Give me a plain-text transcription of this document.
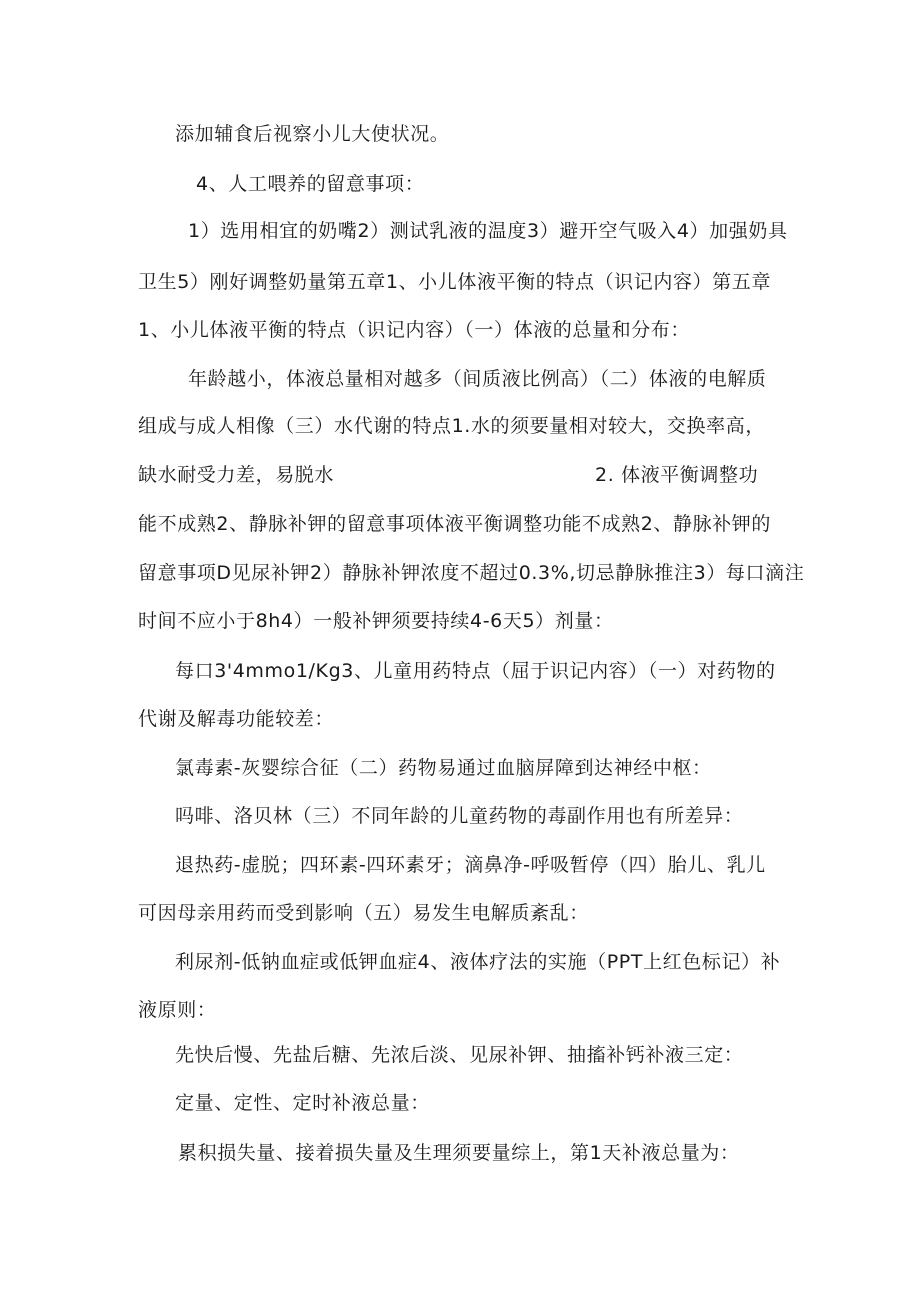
添加辅食后视察小儿大使状况。
4、人工喂养的留意事项：
1）选用相宜的奶嘴2）测试乳液的温度3）避开空气吸入4）加强奶具
卫生5）刚好调整奶量第五章1、小儿体液平衡的特点（识记内容）第五章
1、小儿体液平衡的特点（识记内容）（一）体液的总量和分布：
年龄越小，体液总量相对越多（间质液比例高）（二）体液的电解质
组成与成人相像（三）水代谢的特点1.水的须要量相对较大，交换率高，
缺水耐受力差，易脱水	2. 体液平衡调整功
能不成熟2、静脉补钾的留意事项体液平衡调整功能不成熟2、静脉补钾的
留意事项D见尿补钾2）静脉补钾浓度不超过0.3%,切忌静脉推注3）每口滴注
时间不应小于8h4）一般补钾须要持续4-6天5）剂量：
每口3'4mmo1∕Kg3、儿童用药特点（屈于识记内容）（一）对药物的
代谢及解毒功能较差：
氯毒素-灰婴综合征（二）药物易通过血脑屏障到达神经中枢：
吗啡、洛贝林（三）不同年龄的儿童药物的毒副作用也有所差异：
退热药-虚脱；四环素-四环素牙；滴鼻净-呼吸暂停（四）胎儿、乳儿
可因母亲用药而受到影响（五）易发生电解质紊乱：
利尿剂-低钠血症或低钾血症4、液体疗法的实施（PPT上红色标记）补
液原则：
先快后慢、先盐后糖、先浓后淡、见尿补钾、抽搐补钙补液三定：
定量、定性、定时补液总量：
累积损失量、接着损失量及生理须要量综上，第1天补液总量为：
